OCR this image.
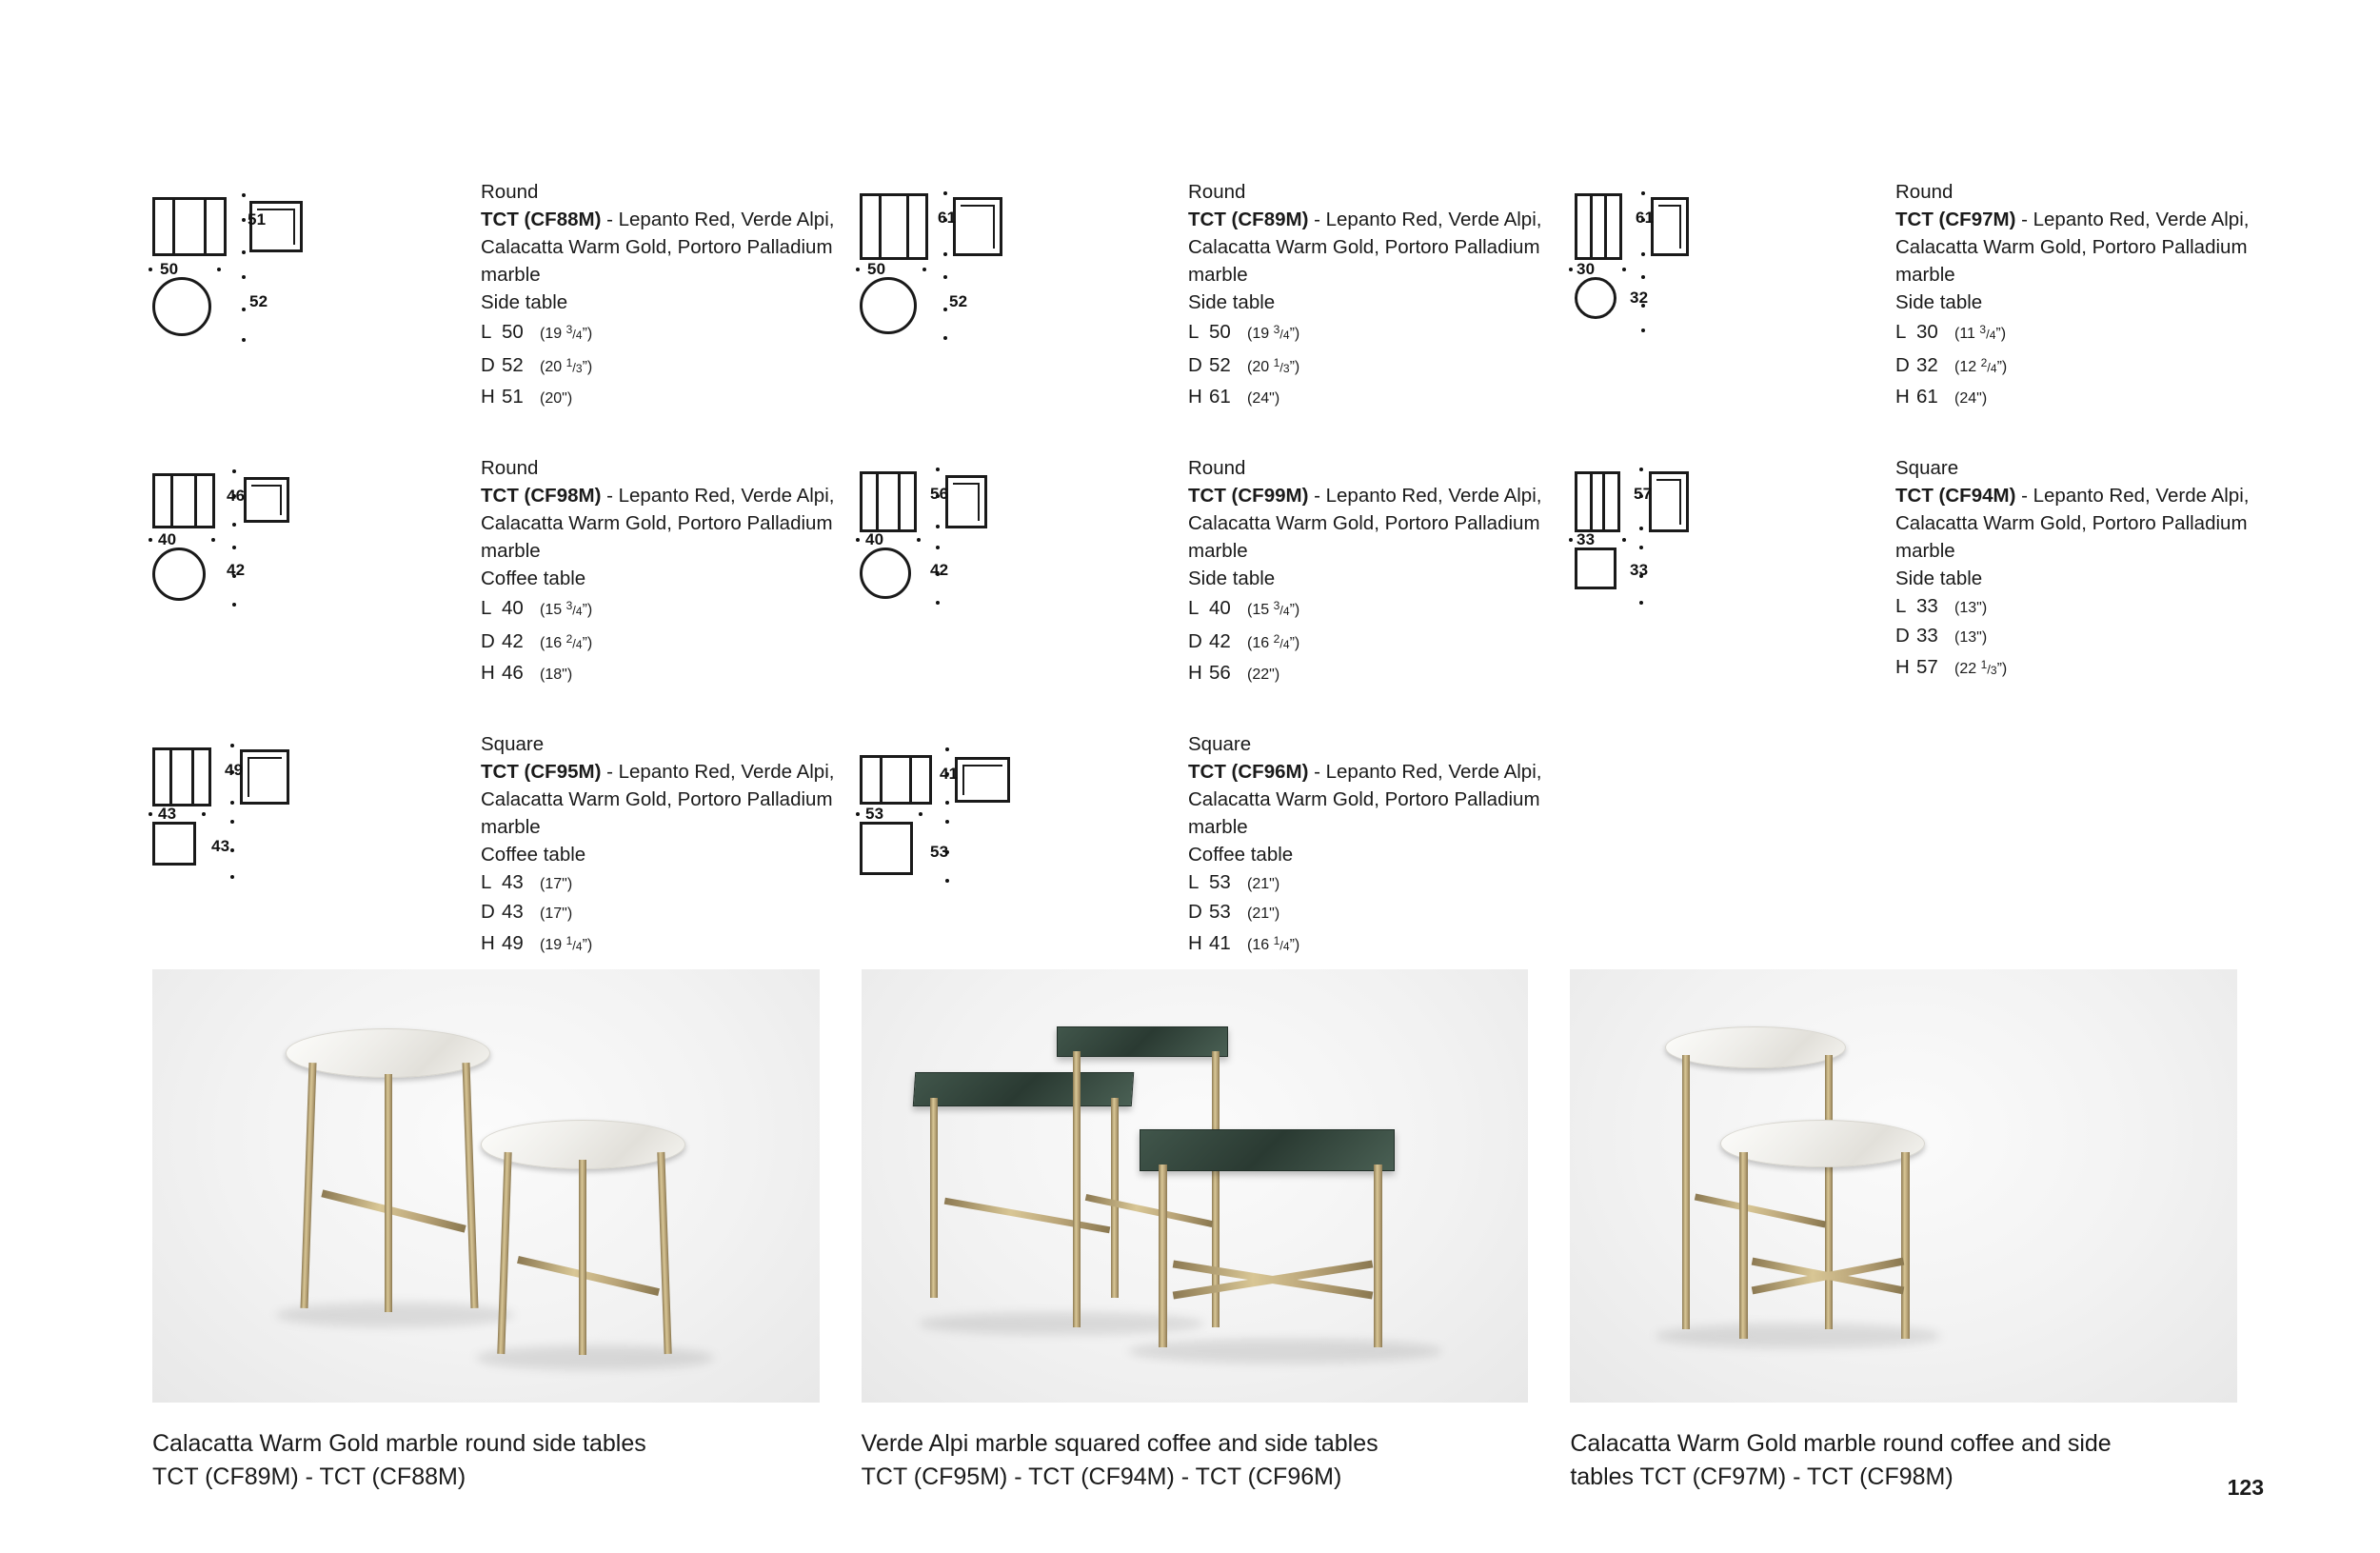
51
50
52
Round
TCT (CF88M) - Lepanto Red, Verde Alpi, Calacatta Warm Gold, Portoro Palladium marble
Side table
L 50 (19 $^3/_4$”)
D 52 (20 $^1/_3$”)
H 51 (20")
61
50
52
Round
TCT (CF89M) - Lepanto Red, Verde Alpi, Calacatta Warm Gold, Portoro Palladium marble
Side table
L 50 (19 $^3/_4$”)
D 52 (20 $^1/_3$”)
H 61 (24")
61
30
32
Round
TCT (CF97M) - Lepanto Red, Verde Alpi, Calacatta Warm Gold, Portoro Palladium marble
Side table
L 30 (11 $^3/_4$”)
D 32 (12 $^2/_4$”)
H 61 (24")
46
40
42
Round
TCT (CF98M) - Lepanto Red, Verde Alpi, Calacatta Warm Gold, Portoro Palladium marble
Coffee table
L 40 (15 $^3/_4$”)
D 42 (16 $^2/_4$”)
H 46 (18")
56
40
42
Round
TCT (CF99M) - Lepanto Red, Verde Alpi, Calacatta Warm Gold, Portoro Palladium marble
Side table
L 40 (15 $^3/_4$”)
D 42 (16 $^2/_4$”)
H 56 (22")
57
33
33
Square
TCT (CF94M) - Lepanto Red, Verde Alpi, Calacatta Warm Gold, Portoro Palladium marble
Side table
L 33 (13")
D 33 (13")
H 57 (22 $^1/_3$”)
49
43
43
Square
TCT (CF95M) - Lepanto Red, Verde Alpi, Calacatta Warm Gold, Portoro Palladium marble
Coffee table
L 43 (17")
D 43 (17")
H 49 (19 $^1/_4$”)
41
53
53
Square
TCT (CF96M) - Lepanto Red, Verde Alpi, Calacatta Warm Gold, Portoro Palladium marble
Coffee table
L 53 (21")
D 53 (21")
H 41 (16 $^1/_4$”)
Calacatta Warm Gold marble round side tables
TCT (CF89M) - TCT (CF88M)
Verde Alpi marble squared coffee and side tables
TCT (CF95M) - TCT (CF94M) - TCT (CF96M)
Calacatta Warm Gold marble round coffee and side
tables TCT (CF97M) - TCT (CF98M)	123
